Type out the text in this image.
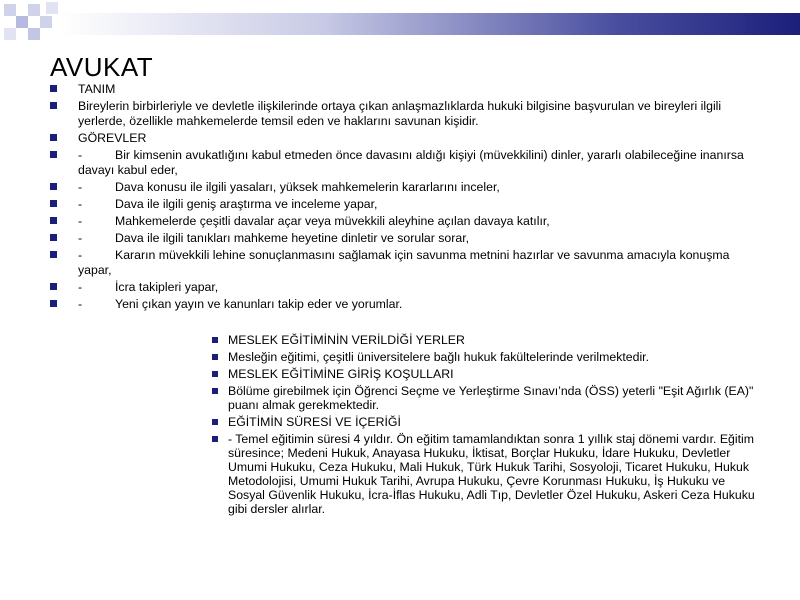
AVUKAT
TANIM
Bireylerin birbirleriyle ve devletle ilişkilerinde ortaya çıkan anlaşmazlıklarda hukuki bilgisine başvurulan ve bireyleri ilgili yerlerde, özellikle mahkemelerde temsil eden ve haklarını savunan kişidir.
GÖREVLER
-	Bir kimsenin avukatlığını kabul etmeden önce davasını aldığı kişiyi (müvekkilini) dinler, yararlı olabileceğine inanırsa davayı kabul eder,
-	Dava konusu ile ilgili yasaları, yüksek mahkemelerin kararlarını inceler,
-	Dava ile ilgili geniş araştırma ve inceleme yapar,
-	Mahkemelerde çeşitli davalar açar veya müvekkili aleyhine açılan davaya katılır,
-	Dava ile ilgili tanıkları mahkeme heyetine dinletir ve sorular sorar,
-	Kararın müvekkili lehine sonuçlanmasını sağlamak için savunma metnini hazırlar ve savunma amacıyla konuşma yapar,
-	İcra takipleri yapar,
-	Yeni çıkan yayın ve kanunları takip eder ve yorumlar.
MESLEK EĞİTİMİNİN VERİLDİĞİ YERLER
Mesleğin eğitimi, çeşitli üniversitelere bağlı hukuk fakültelerinde verilmektedir.
MESLEK EĞİTİMİNE GİRİŞ KOŞULLARI
Bölüme girebilmek için Öğrenci Seçme ve Yerleştirme Sınavı’nda (ÖSS) yeterli "Eşit Ağırlık (EA)" puanı almak gerekmektedir.
EĞİTİMİN SÜRESİ VE İÇERİĞİ
- Temel eğitimin süresi 4 yıldır. Ön eğitim tamamlandıktan sonra 1 yıllık staj dönemi vardır. Eğitim süresince; Medeni Hukuk, Anayasa Hukuku, İktisat, Borçlar Hukuku, İdare Hukuku, Devletler Umumi Hukuku, Ceza Hukuku, Mali Hukuk, Türk Hukuk Tarihi, Sosyoloji, Ticaret Hukuku, Hukuk Metodolojisi, Umumi Hukuk Tarihi, Avrupa Hukuku, Çevre Korunması Hukuku, İş Hukuku ve Sosyal Güvenlik Hukuku, İcra-İflas Hukuku, Adli Tıp, Devletler Özel Hukuku, Askeri Ceza Hukuku gibi dersler alırlar.
